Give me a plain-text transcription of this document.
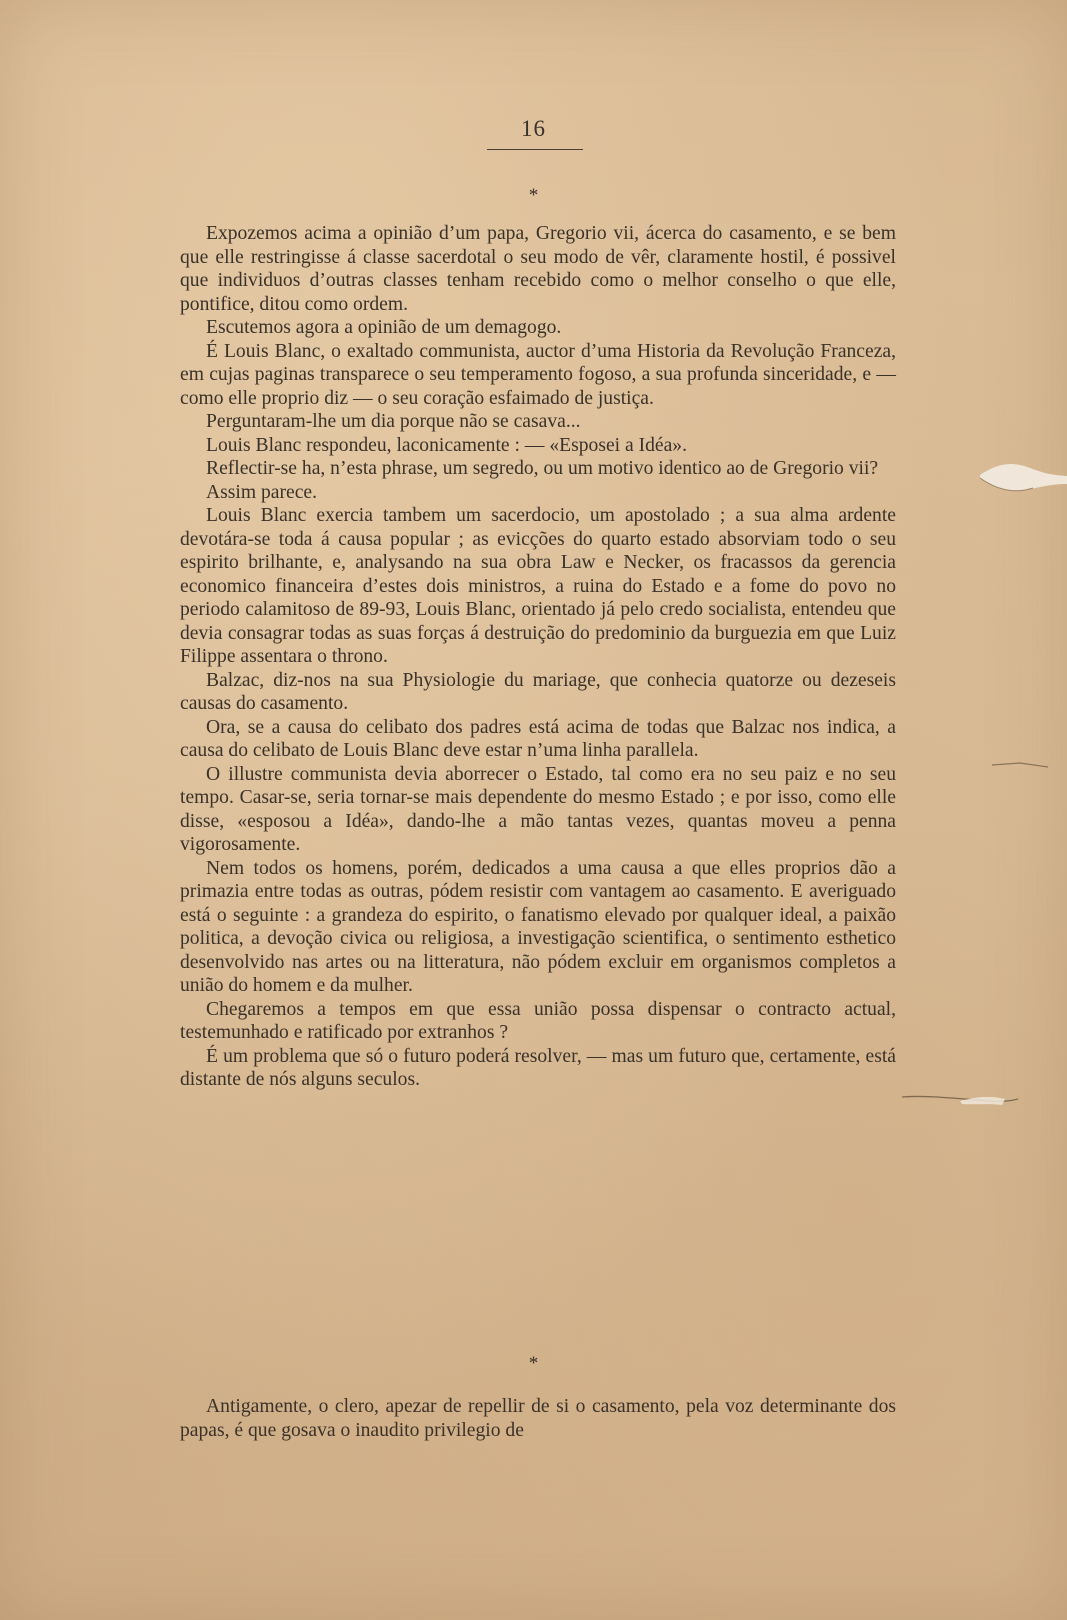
16
*

Expozemos acima a opinião d’um papa, Gregorio vii, ácerca do casamento, e se bem que elle restringisse á classe sacerdotal o seu modo de vêr, claramente hostil, é possivel que individuos d’outras classes tenham recebido como o melhor conselho o que elle, pontifice, ditou como ordem.

Escutemos agora a opinião de um demagogo.

É Louis Blanc, o exaltado communista, auctor d’uma Historia da Revolução Franceza, em cujas paginas transparece o seu temperamento fogoso, a sua profunda sinceridade, e — como elle proprio diz — o seu coração esfaimado de justiça.

Perguntaram-lhe um dia porque não se casava...

Louis Blanc respondeu, laconicamente : — «Esposei a Idéa».

Reflectir-se ha, n’esta phrase, um segredo, ou um motivo identico ao de Gregorio vii?

Assim parece.

Louis Blanc exercia tambem um sacerdocio, um apostolado ; a sua alma ardente devotára-se toda á causa popular ; as evicções do quarto estado absorviam todo o seu espirito brilhante, e, analysando na sua obra Law e Necker, os fracassos da gerencia economico financeira d’estes dois ministros, a ruina do Estado e a fome do povo no periodo calamitoso de 89-93, Louis Blanc, orientado já pelo credo socialista, entendeu que devia consagrar todas as suas forças á destruição do predominio da burguezia em que Luiz Filippe assentara o throno.

Balzac, diz-nos na sua Physiologie du mariage, que conhecia quatorze ou dezeseis causas do casamento.

Ora, se a causa do celibato dos padres está acima de todas que Balzac nos indica, a causa do celibato de Louis Blanc deve estar n’uma linha parallela.

O illustre communista devia aborrecer o Estado, tal como era no seu paiz e no seu tempo. Casar-se, seria tornar-se mais dependente do mesmo Estado ; e por isso, como elle disse, «esposou a Idéa», dando-lhe a mão tantas vezes, quantas moveu a penna vigorosamente.

Nem todos os homens, porém, dedicados a uma causa a que elles proprios dão a primazia entre todas as outras, pódem resistir com vantagem ao casamento. E averiguado está o seguinte : a grandeza do espirito, o fanatismo elevado por qualquer ideal, a paixão politica, a devoção civica ou religiosa, a investigação scientifica, o sentimento esthetico desenvolvido nas artes ou na litteratura, não pódem excluir em organismos completos a união do homem e da mulher.

Chegaremos a tempos em que essa união possa dispensar o contracto actual, testemunhado e ratificado por extranhos ?

É um problema que só o futuro poderá resolver, — mas um futuro que, certamente, está distante de nós alguns seculos.

*

Antigamente, o clero, apezar de repellir de si o casamento, pela voz determinante dos papas, é que gosava o inaudito privilegio de
